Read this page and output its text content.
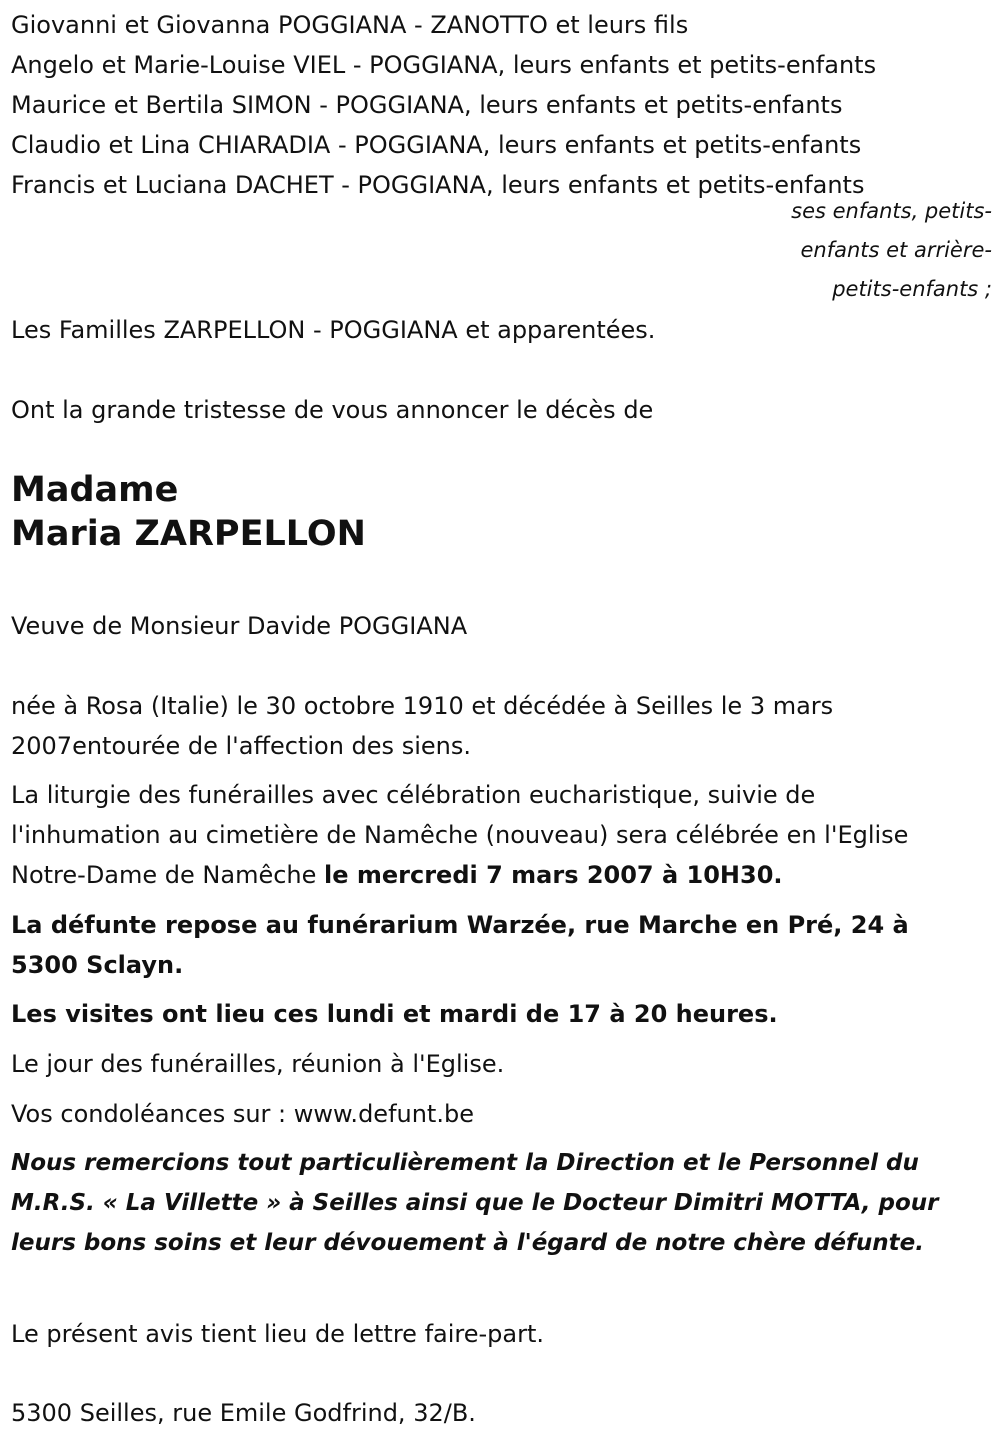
Giovanni et Giovanna POGGIANA - ZANOTTO et leurs fils

Angelo et Marie-Louise VIEL - POGGIANA, leurs enfants et petits-enfants

Maurice et Bertila SIMON - POGGIANA, leurs enfants et petits-enfants

Claudio et Lina CHIARADIA - POGGIANA, leurs enfants et petits-enfants

Francis et Luciana DACHET - POGGIANA, leurs enfants et petits-enfants

ses enfants, petits-
enfants et arrière-
petits-enfants ;

Les Familles ZARPELLON - POGGIANA et apparentées.

Ont la grande tristesse de vous annoncer le décès de

Madame

Maria ZARPELLON

Veuve de Monsieur Davide POGGIANA

née à Rosa (Italie) le 30 octobre 1910 et décédée à Seilles le 3 mars 2007entourée de l'affection des siens.

La liturgie des funérailles avec célébration eucharistique, suivie de l'inhumation au cimetière de Namêche (nouveau) sera célébrée en l'Eglise Notre-Dame de Namêche le mercredi 7 mars 2007 à 10H30.

La défunte repose au funérarium Warzée, rue Marche en Pré, 24 à 5300 Sclayn.

Les visites ont lieu ces lundi et mardi de 17 à 20 heures.

Le jour des funérailles, réunion à l'Eglise.

Vos condoléances sur : www.defunt.be

Nous remercions tout particulièrement la Direction et le Personnel du M.R.S. « La Villette » à Seilles ainsi que le Docteur Dimitri MOTTA, pour leurs bons soins et leur dévouement à l'égard de notre chère défunte.

Le présent avis tient lieu de lettre faire-part.

5300 Seilles, rue Emile Godfrind, 32/B.
